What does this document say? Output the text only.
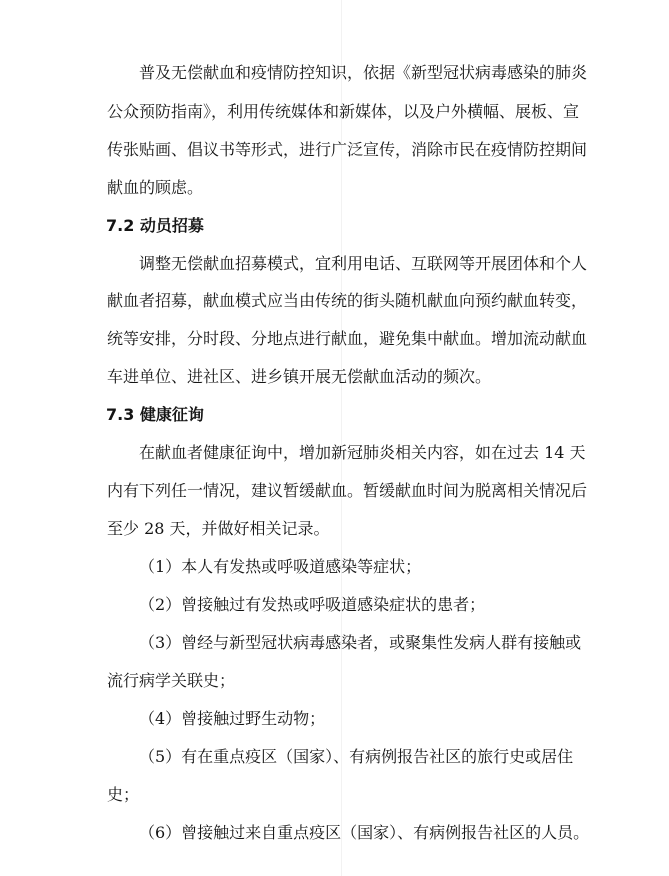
普及无偿献血和疫情防控知识，依据《新型冠状病毒感染的肺炎

公众预防指南》，利用传统媒体和新媒体，以及户外横幅、展板、宣

传张贴画、倡议书等形式，进行广泛宣传，消除市民在疫情防控期间

献血的顾虑。

7.2 动员招募

调整无偿献血招募模式，宜利用电话、互联网等开展团体和个人

献血者招募，献血模式应当由传统的街头随机献血向预约献血转变，

统等安排，分时段、分地点进行献血，避免集中献血。增加流动献血

车进单位、进社区、进乡镇开展无偿献血活动的频次。

7.3 健康征询

在献血者健康征询中，增加新冠肺炎相关内容，如在过去 14 天

内有下列任一情况，建议暂缓献血。暂缓献血时间为脱离相关情况后

至少 28 天，并做好相关记录。

（1）本人有发热或呼吸道感染等症状；

（2）曾接触过有发热或呼吸道感染症状的患者；

（3）曾经与新型冠状病毒感染者，或聚集性发病人群有接触或

流行病学关联史；

（4）曾接触过野生动物；

（5）有在重点疫区（国家）、有病例报告社区的旅行史或居住

史；

（6）曾接触过来自重点疫区（国家）、有病例报告社区的人员。
